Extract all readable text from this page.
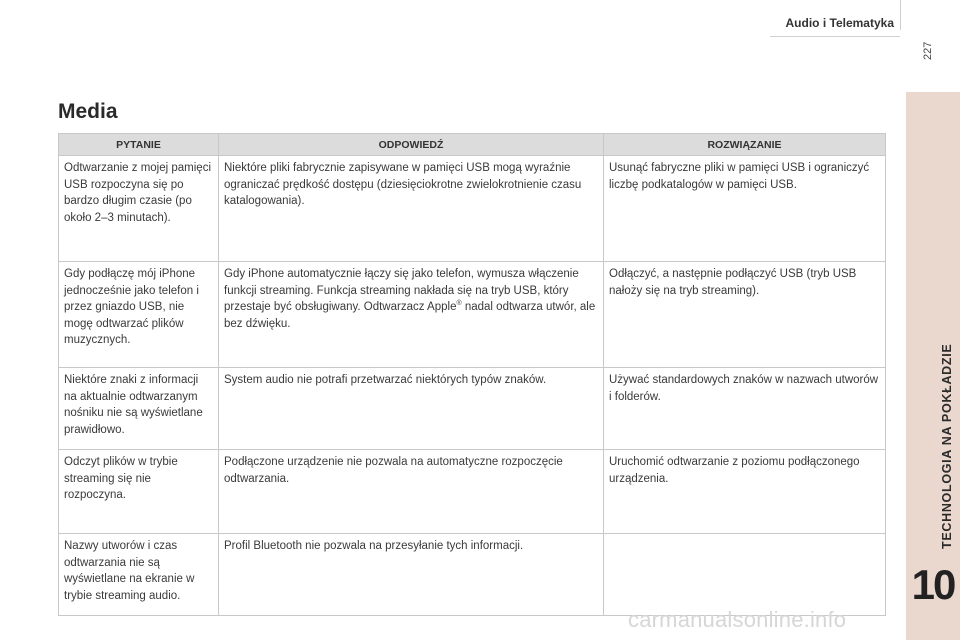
Audio i Telematyka
227
TECHNOLOGIA NA POKŁADZIE
10
Media
PYTANIE	ODPOWIEDŹ	ROZWIĄZANIE
Odtwarzanie z mojej pamięci USB rozpoczyna się po bardzo długim czasie (po około 2–3 minutach).	Niektóre pliki fabrycznie zapisywane w pamięci USB mogą wyraźnie ograniczać prędkość dostępu (dziesięciokrotne zwielokrotnienie czasu katalogowania).	Usunąć fabryczne pliki w pamięci USB i ograniczyć liczbę podkatalogów w pamięci USB.
Gdy podłączę mój iPhone jednocześnie jako telefon i przez gniazdo USB, nie mogę odtwarzać plików muzycznych.	Gdy iPhone automatycznie łączy się jako telefon, wymusza włączenie funkcji streaming. Funkcja streaming nakłada się na tryb USB, który przestaje być obsługiwany. Odtwarzacz Apple® nadal odtwarza utwór, ale bez dźwięku.	Odłączyć, a następnie podłączyć USB (tryb USB nałoży się na tryb streaming).
Niektóre znaki z informacji na aktualnie odtwarzanym nośniku nie są wyświetlane prawidłowo.	System audio nie potrafi przetwarzać niektórych typów znaków.	Używać standardowych znaków w nazwach utworów i folderów.
Odczyt plików w trybie streaming się nie rozpoczyna.	Podłączone urządzenie nie pozwala na automatyczne rozpoczęcie odtwarzania.	Uruchomić odtwarzanie z poziomu podłączonego urządzenia.
Nazwy utworów i czas odtwarzania nie są wyświetlane na ekranie w trybie streaming audio.	Profil Bluetooth nie pozwala na przesyłanie tych informacji.	
carmanualsonline.info
